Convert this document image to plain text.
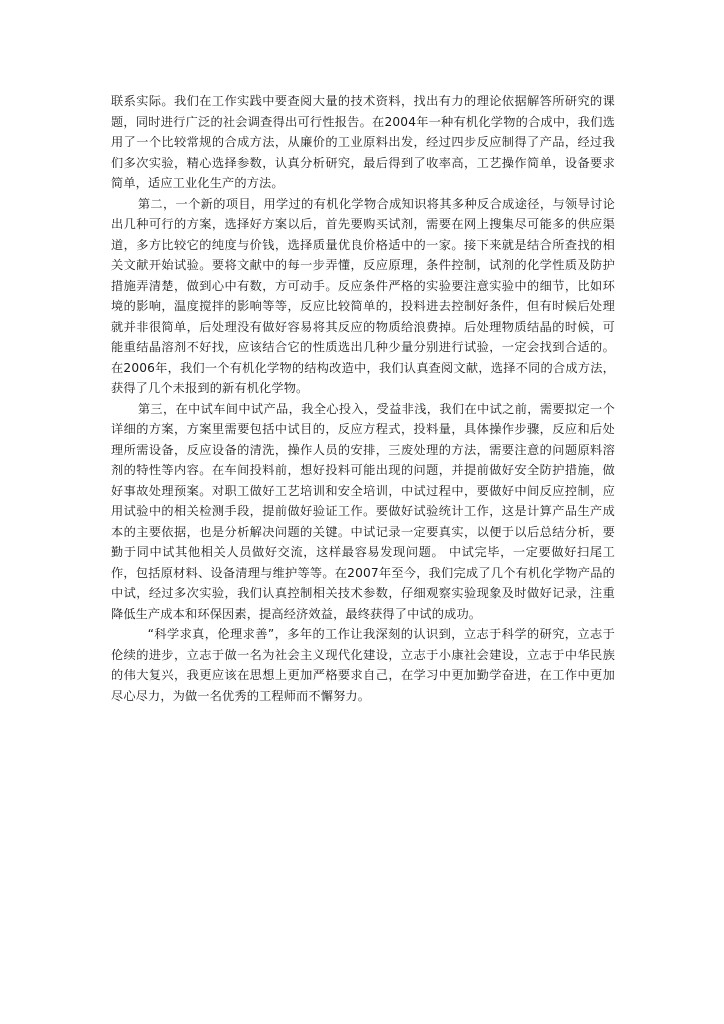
联系实际。我们在工作实践中要查阅大量的技术资料，找出有力的理论依据解答所研究的课题，同时进行广泛的社会调查得出可行性报告。在2004年一种有机化学物的合成中，我们选用了一个比较常规的合成方法，从廉价的工业原料出发，经过四步反应制得了产品，经过我们多次实验，精心选择参数，认真分析研究，最后得到了收率高，工艺操作简单，设备要求简单，适应工业化生产的方法。

第二，一个新的项目，用学过的有机化学物合成知识将其多种反合成途径，与领导讨论出几种可行的方案，选择好方案以后，首先要购买试剂，需要在网上搜集尽可能多的供应渠道，多方比较它的纯度与价钱，选择质量优良价格适中的一家。接下来就是结合所查找的相关文献开始试验。要将文献中的每一步弄懂，反应原理，条件控制，试剂的化学性质及防护措施弄清楚，做到心中有数，方可动手。反应条件严格的实验要注意实验中的细节，比如环境的影响，温度搅拌的影响等等，反应比较简单的，投料进去控制好条件，但有时候后处理就并非很简单，后处理没有做好容易将其反应的物质给浪费掉。后处理物质结晶的时候，可能重结晶溶剂不好找，应该结合它的性质选出几种少量分别进行试验，一定会找到合适的。在2006年，我们一个有机化学物的结构改造中，我们认真查阅文献，选择不同的合成方法，获得了几个未报到的新有机化学物。

第三，在中试车间中试产品，我全心投入，受益非浅，我们在中试之前，需要拟定一个详细的方案，方案里需要包括中试目的，反应方程式，投料量，具体操作步骤，反应和后处理所需设备，反应设备的清洗，操作人员的安排，三废处理的方法，需要注意的问题原料溶剂的特性等内容。在车间投料前，想好投料可能出现的问题，并提前做好安全防护措施，做好事故处理预案。对职工做好工艺培训和安全培训，中试过程中，要做好中间反应控制，应用试验中的相关检测手段，提前做好验证工作。要做好试验统计工作，这是计算产品生产成本的主要依据，也是分析解决问题的关键。中试记录一定要真实，以便于以后总结分析，要勤于同中试其他相关人员做好交流，这样最容易发现问题。 中试完毕，一定要做好扫尾工作，包括原材料、设备清理与维护等等。在2007年至今，我们完成了几个有机化学物产品的中试，经过多次实验，我们认真控制相关技术参数，仔细观察实验现象及时做好记录，注重降低生产成本和环保因素，提高经济效益，最终获得了中试的成功。

“科学求真，伦理求善”，多年的工作让我深刻的认识到，立志于科学的研究，立志于伦续的进步，立志于做一名为社会主义现代化建设，立志于小康社会建设，立志于中华民族的伟大复兴，我更应该在思想上更加严格要求自己，在学习中更加勤学奋进，在工作中更加尽心尽力，为做一名优秀的工程师而不懈努力。
